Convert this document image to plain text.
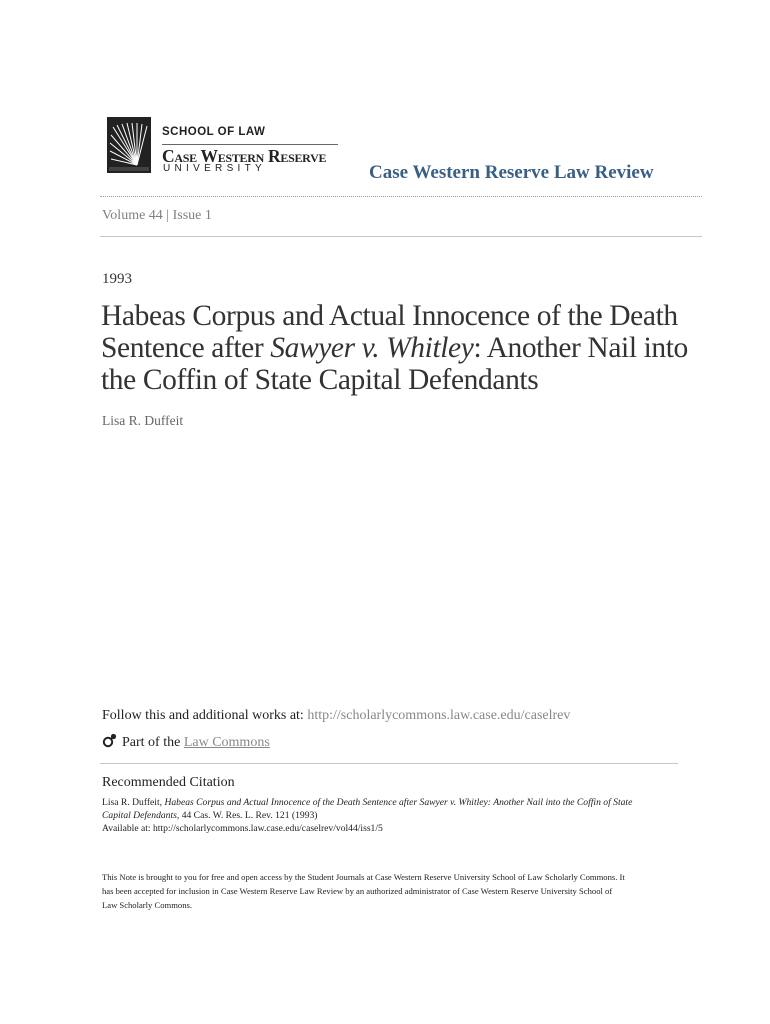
SCHOOL OF LAW
Case Western Reserve
UNIVERSITY	Case Western Reserve Law Review
Volume 44 | Issue 1
1993
Habeas Corpus and Actual Innocence of the Death
Sentence after Sawyer v. Whitley: Another Nail into
the Coffin of State Capital Defendants
Lisa R. Duffeit
Follow this and additional works at: http://scholarlycommons.law.case.edu/caselrev
Part of the Law Commons
Recommended Citation
Lisa R. Duffeit, Habeas Corpus and Actual Innocence of the Death Sentence after Sawyer v. Whitley: Another Nail into the Coffin of State
Capital Defendants, 44 Cas. W. Res. L. Rev. 121 (1993)
Available at: http://scholarlycommons.law.case.edu/caselrev/vol44/iss1/5
This Note is brought to you for free and open access by the Student Journals at Case Western Reserve University School of Law Scholarly Commons. It
has been accepted for inclusion in Case Western Reserve Law Review by an authorized administrator of Case Western Reserve University School of
Law Scholarly Commons.
